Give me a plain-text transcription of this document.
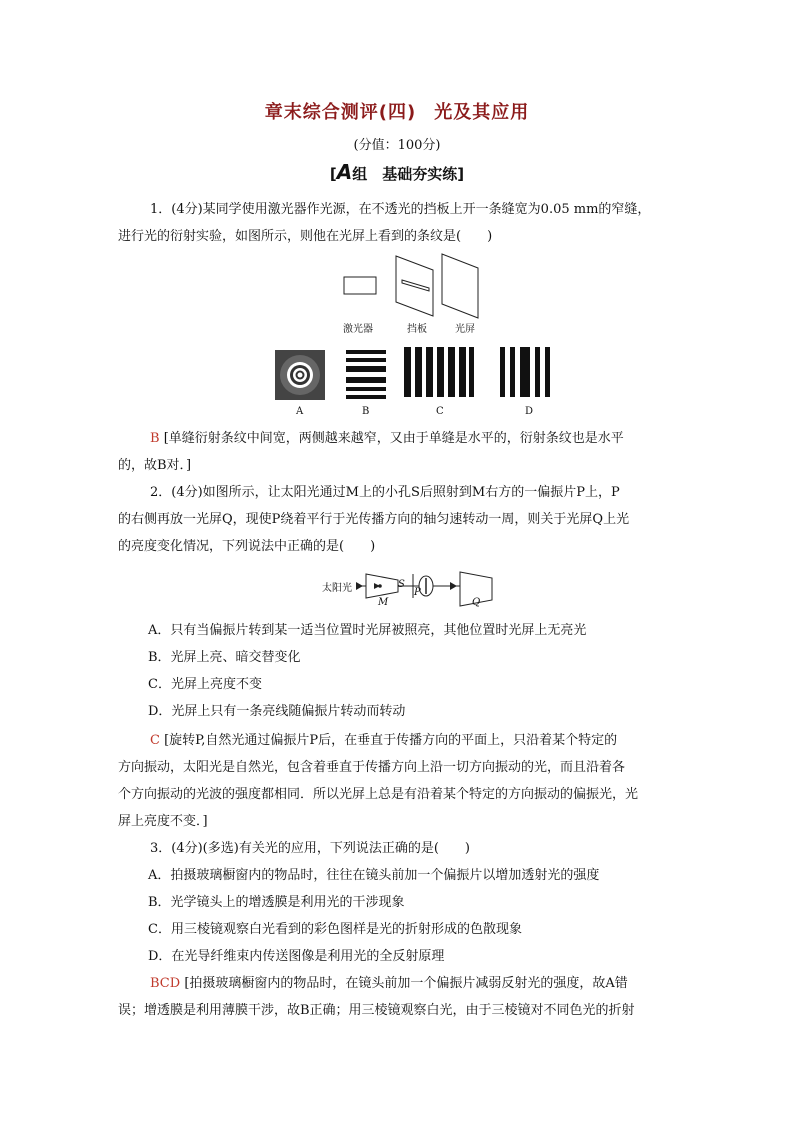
章末综合测评(四) 光及其应用
(分值：100分)
[A组　基础夯实练]
1．(4分)某同学使用激光器作光源，在不透光的挡板上开一条缝宽为0.05 mm的窄缝，
进行光的衍射实验，如图所示，则他在光屏上看到的条纹是(　　)
激光器	挡板	光屏
A	B	C	D
B [单缝衍射条纹中间宽，两侧越来越窄，又由于单缝是水平的，衍射条纹也是水平
的，故B对．]
2．(4分)如图所示，让太阳光通过M上的小孔S后照射到M右方的一偏振片P上，P
的右侧再放一光屏Q，现使P绕着平行于光传播方向的轴匀速转动一周，则关于光屏Q上光
的亮度变化情况，下列说法中正确的是(　　)
太阳光	S
M
P
Q
A．只有当偏振片转到某一适当位置时光屏被照亮，其他位置时光屏上无亮光
B．光屏上亮、暗交替变化
C．光屏上亮度不变
D．光屏上只有一条亮线随偏振片转动而转动
C [旋转P,自然光通过偏振片P后，在垂直于传播方向的平面上，只沿着某个特定的
方向振动，太阳光是自然光，包含着垂直于传播方向上沿一切方向振动的光，而且沿着各
个方向振动的光波的强度都相同．所以光屏上总是有沿着某个特定的方向振动的偏振光，光
屏上亮度不变．]
3．(4分)(多选)有关光的应用，下列说法正确的是(　　)
A．拍摄玻璃橱窗内的物品时，往往在镜头前加一个偏振片以增加透射光的强度
B．光学镜头上的增透膜是利用光的干涉现象
C．用三棱镜观察白光看到的彩色图样是光的折射形成的色散现象
D．在光导纤维束内传送图像是利用光的全反射原理
BCD [拍摄玻璃橱窗内的物品时，在镜头前加一个偏振片减弱反射光的强度，故A错
误；增透膜是利用薄膜干涉，故B正确；用三棱镜观察白光，由于三棱镜对不同色光的折射
